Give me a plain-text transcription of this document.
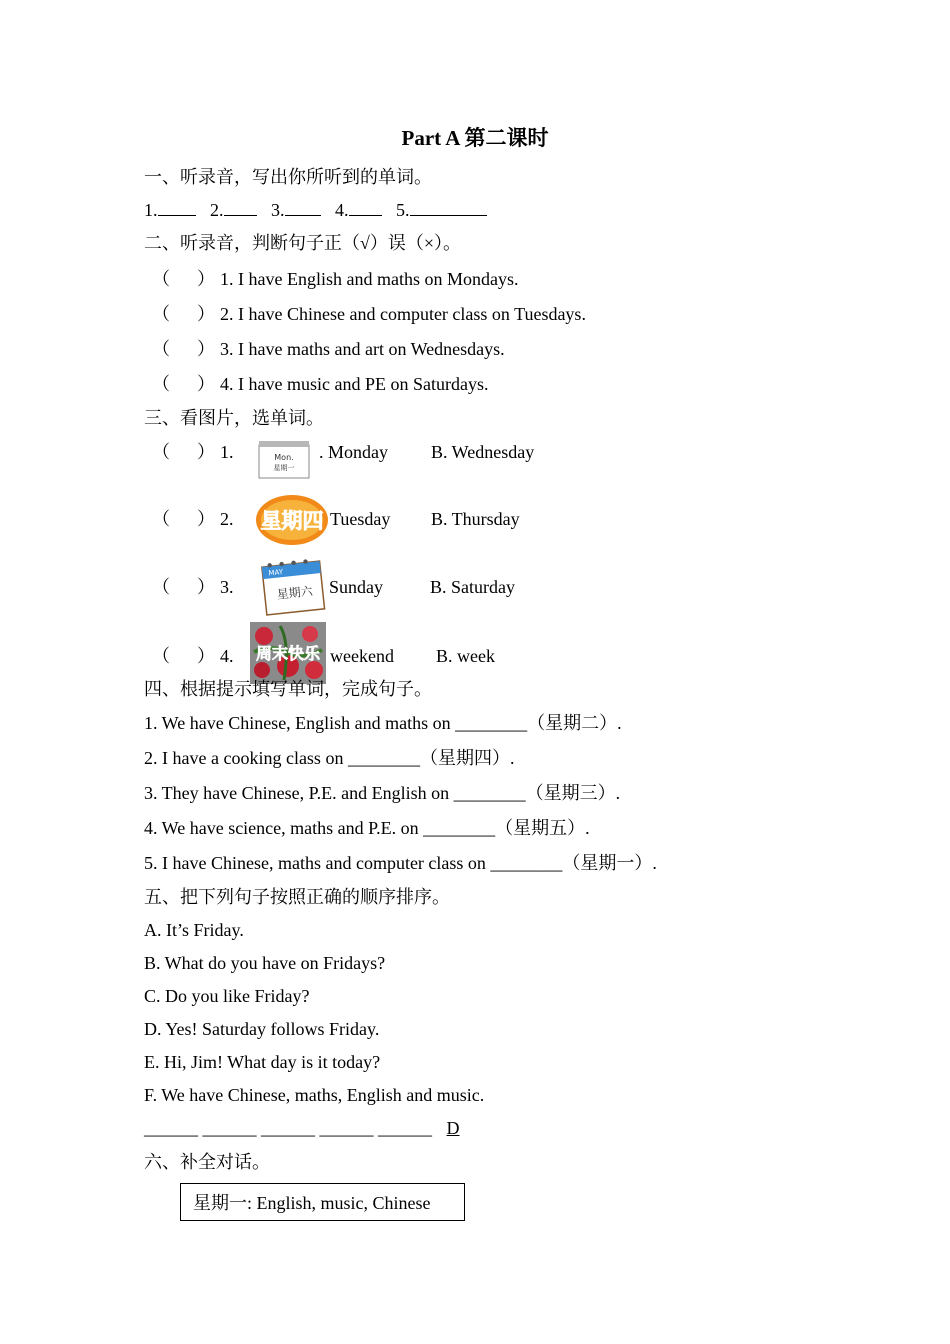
Part A 第二课时
一、听录音，写出你所听到的单词。
1.	2.	3.	4.	5.
二、听录音，判断句子正（√）误（×）。
（ ） 1. I have English and maths on Mondays.
（ ） 2. I have Chinese and computer class on Tuesdays.
（ ） 3. I have maths and art on Wednesdays.
（ ） 4. I have music and PE on Saturdays.
三、看图片，选单词。
（ ） 1.	Mon.
星期一
. Monday B. Wednesday
（ ） 2. 星期四 Tuesday B. Thursday
（ ） 3.
MAY
星期六 Sunday	B. Saturday
（ ） 4. 周末快乐 weekend B. week
四、根据提示填写单词，完成句子。
1. We have Chinese, English and maths on ________（星期二）.
2. I have a cooking class on ________（星期四）.
3. They have Chinese, P.E. and English on ________（星期三）.
4. We have science, maths and P.E. on ________（星期五）.
5. I have Chinese, maths and computer class on ________（星期一）.
五、把下列句子按照正确的顺序排序。
A. It’s Friday.
B. What do you have on Fridays?
C. Do you like Friday?
D. Yes! Saturday follows Friday.
E. Hi, Jim! What day is it today?
F. We have Chinese, maths, English and music.
______ ______ ______ ______ ______ D
六、补全对话。
星期一: English, music, Chinese
